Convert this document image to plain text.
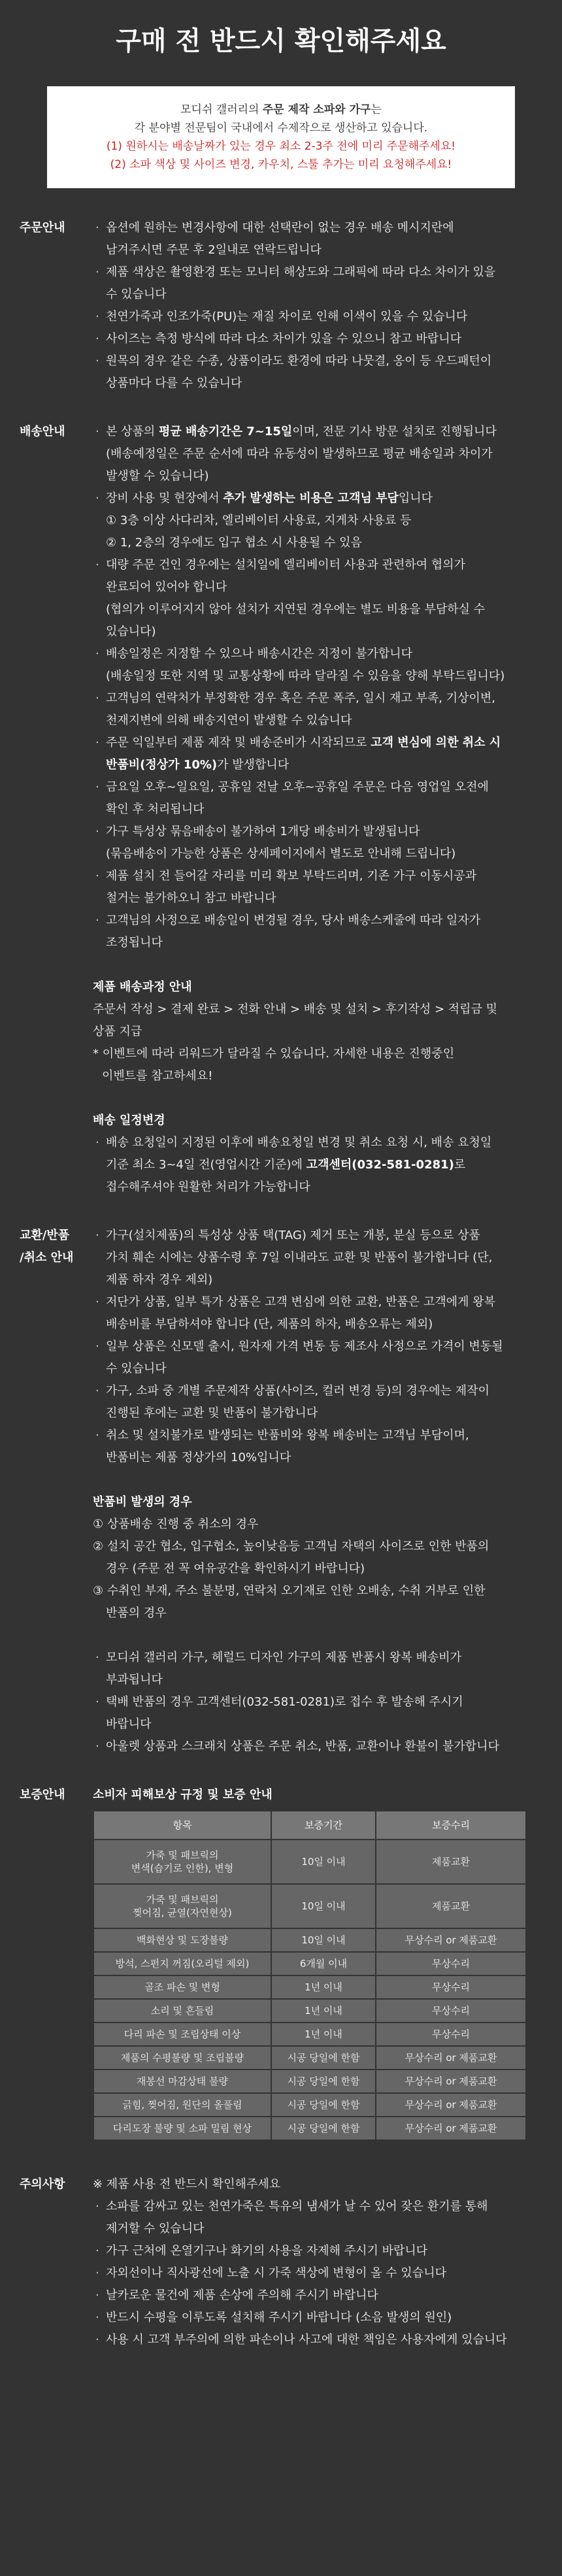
구매 전 반드시 확인해주세요
모디쉬 갤러리의 주문 제작 소파와 가구는
각 분야별 전문팀이 국내에서 수제작으로 생산하고 있습니다.
(1) 원하시는 배송날짜가 있는 경우 최소 2-3주 전에 미리 주문해주세요!
(2) 소파 색상 및 사이즈 변경, 카우치, 스툴 추가는 미리 요청해주세요!
주문안내	· 옵션에 원하는 변경사항에 대한 선택란이 없는 경우 배송 메시지란에
남겨주시면 주문 후 2일내로 연락드립니다
· 제품 색상은 촬영환경 또는 모니터 해상도와 그래픽에 따라 다소 차이가 있을
수 있습니다
· 천연가죽과 인조가죽(PU)는 재질 차이로 인해 이색이 있을 수 있습니다
· 사이즈는 측정 방식에 따라 다소 차이가 있을 수 있으니 참고 바랍니다
· 원목의 경우 같은 수종, 상품이라도 환경에 따라 나뭇결, 옹이 등 우드패턴이
상품마다 다를 수 있습니다
배송안내	· 본 상품의 평균 배송기간은 7~15일이며, 전문 기사 방문 설치로 진행됩니다
(배송예정일은 주문 순서에 따라 유동성이 발생하므로 평균 배송일과 차이가
발생할 수 있습니다)
· 장비 사용 및 현장에서 추가 발생하는 비용은 고객님 부담입니다
① 3층 이상 사다리차, 엘리베이터 사용료, 지게차 사용료 등
② 1, 2층의 경우에도 입구 협소 시 사용될 수 있음
· 대량 주문 건인 경우에는 설치일에 엘리베이터 사용과 관련하여 협의가
완료되어 있어야 합니다
(협의가 이루어지지 않아 설치가 지연된 경우에는 별도 비용을 부담하실 수
있습니다)
· 배송일정은 지정할 수 있으나 배송시간은 지정이 불가합니다
(배송일정 또한 지역 및 교통상황에 따라 달라질 수 있음을 양해 부탁드립니다)
· 고객님의 연락처가 부정확한 경우 혹은 주문 폭주, 일시 재고 부족, 기상이변,
천재지변에 의해 배송지연이 발생할 수 있습니다
· 주문 익일부터 제품 제작 및 배송준비가 시작되므로 고객 변심에 의한 취소 시
반품비(정상가 10%)가 발생합니다
· 금요일 오후~일요일, 공휴일 전날 오후~공휴일 주문은 다음 영업일 오전에
확인 후 처리됩니다
· 가구 특성상 묶음배송이 불가하여 1개당 배송비가 발생됩니다
(묶음배송이 가능한 상품은 상세페이지에서 별도로 안내해 드립니다)
· 제품 설치 전 들어갈 자리를 미리 확보 부탁드리며, 기존 가구 이동시공과
철거는 불가하오니 참고 바랍니다
· 고객님의 사정으로 배송일이 변경될 경우, 당사 배송스케줄에 따라 일자가
조정됩니다
제품 배송과정 안내
주문서 작성 > 결제 완료 > 전화 안내 > 배송 및 설치 > 후기작성 > 적립금 및
상품 지급
* 이벤트에 따라 리워드가 달라질 수 있습니다. 자세한 내용은 진행중인
이벤트를 참고하세요!
배송 일정변경
· 배송 요청일이 지정된 이후에 배송요청일 변경 및 취소 요청 시, 배송 요청일
기준 최소 3~4일 전(영업시간 기준)에 고객센터(032-581-0281)로
접수해주셔야 원활한 처리가 가능합니다
교환/반품
/취소 안내
· 가구(설치제품)의 특성상 상품 택(TAG) 제거 또는 개봉, 분실 등으로 상품
가치 훼손 시에는 상품수령 후 7일 이내라도 교환 및 반품이 불가합니다 (단,
제품 하자 경우 제외)
· 저단가 상품, 일부 특가 상품은 고객 변심에 의한 교환, 반품은 고객에게 왕복
배송비를 부담하셔야 합니다 (단, 제품의 하자, 배송오류는 제외)
· 일부 상품은 신모델 출시, 원자재 가격 변동 등 제조사 사정으로 가격이 변동될
수 있습니다
· 가구, 소파 중 개별 주문제작 상품(사이즈, 컬러 변경 등)의 경우에는 제작이
진행된 후에는 교환 및 반품이 불가합니다
· 취소 및 설치불가로 발생되는 반품비와 왕복 배송비는 고객님 부담이며,
반품비는 제품 정상가의 10%입니다
반품비 발생의 경우
① 상품배송 진행 중 취소의 경우
② 설치 공간 협소, 입구협소, 높이낮음등 고객님 자택의 사이즈로 인한 반품의
경우 (주문 전 꼭 여유공간을 확인하시기 바랍니다)
③ 수취인 부재, 주소 불분명, 연락처 오기재로 인한 오배송, 수취 거부로 인한
반품의 경우
· 모디쉬 갤러리 가구, 헤럴드 디자인 가구의 제품 반품시 왕복 배송비가
부과됩니다
· 택배 반품의 경우 고객센터(032-581-0281)로 접수 후 발송해 주시기
바랍니다
· 아울렛 상품과 스크래치 상품은 주문 취소, 반품, 교환이나 환불이 불가합니다
보증안내	소비자 피해보상 규정 및 보증 안내
항목	보증기간	보증수리

가죽 및 패브릭의
변색(습기로 인한), 변형	10일 이내	제품교환

가죽 및 패브릭의
찢어짐, 균열(자연현상)	10일 이내	제품교환
백화현상 및 도장불량	10일 이내	무상수리 or 제품교환
방석, 스펀지 꺼짐(오리털 제외)	6개월 이내	무상수리
골조 파손 및 변형	1년 이내	무상수리
소리 및 흔들림	1년 이내	무상수리
다리 파손 및 조립상태 이상	1년 이내	무상수리
제품의 수평불량 및 조립불량	시공 당일에 한함	무상수리 or 제품교환
재봉선 마감상태 불량	시공 당일에 한함	무상수리 or 제품교환
긁힘, 찢어짐, 원단의 올풀림	시공 당일에 한함	무상수리 or 제품교환
다리도장 불량 및 소파 밀림 현상	시공 당일에 한함	무상수리 or 제품교환
주의사항	※ 제품 사용 전 반드시 확인해주세요
· 소파를 감싸고 있는 천연가죽은 특유의 냄새가 날 수 있어 잦은 환기를 통해
제거할 수 있습니다
· 가구 근처에 온열기구나 화기의 사용을 자제해 주시기 바랍니다
· 자외선이나 직사광선에 노출 시 가죽 색상에 변형이 올 수 있습니다
· 날카로운 물건에 제품 손상에 주의해 주시기 바랍니다
· 반드시 수평을 이루도록 설치해 주시기 바랍니다 (소음 발생의 원인)
· 사용 시 고객 부주의에 의한 파손이나 사고에 대한 책임은 사용자에게 있습니다
